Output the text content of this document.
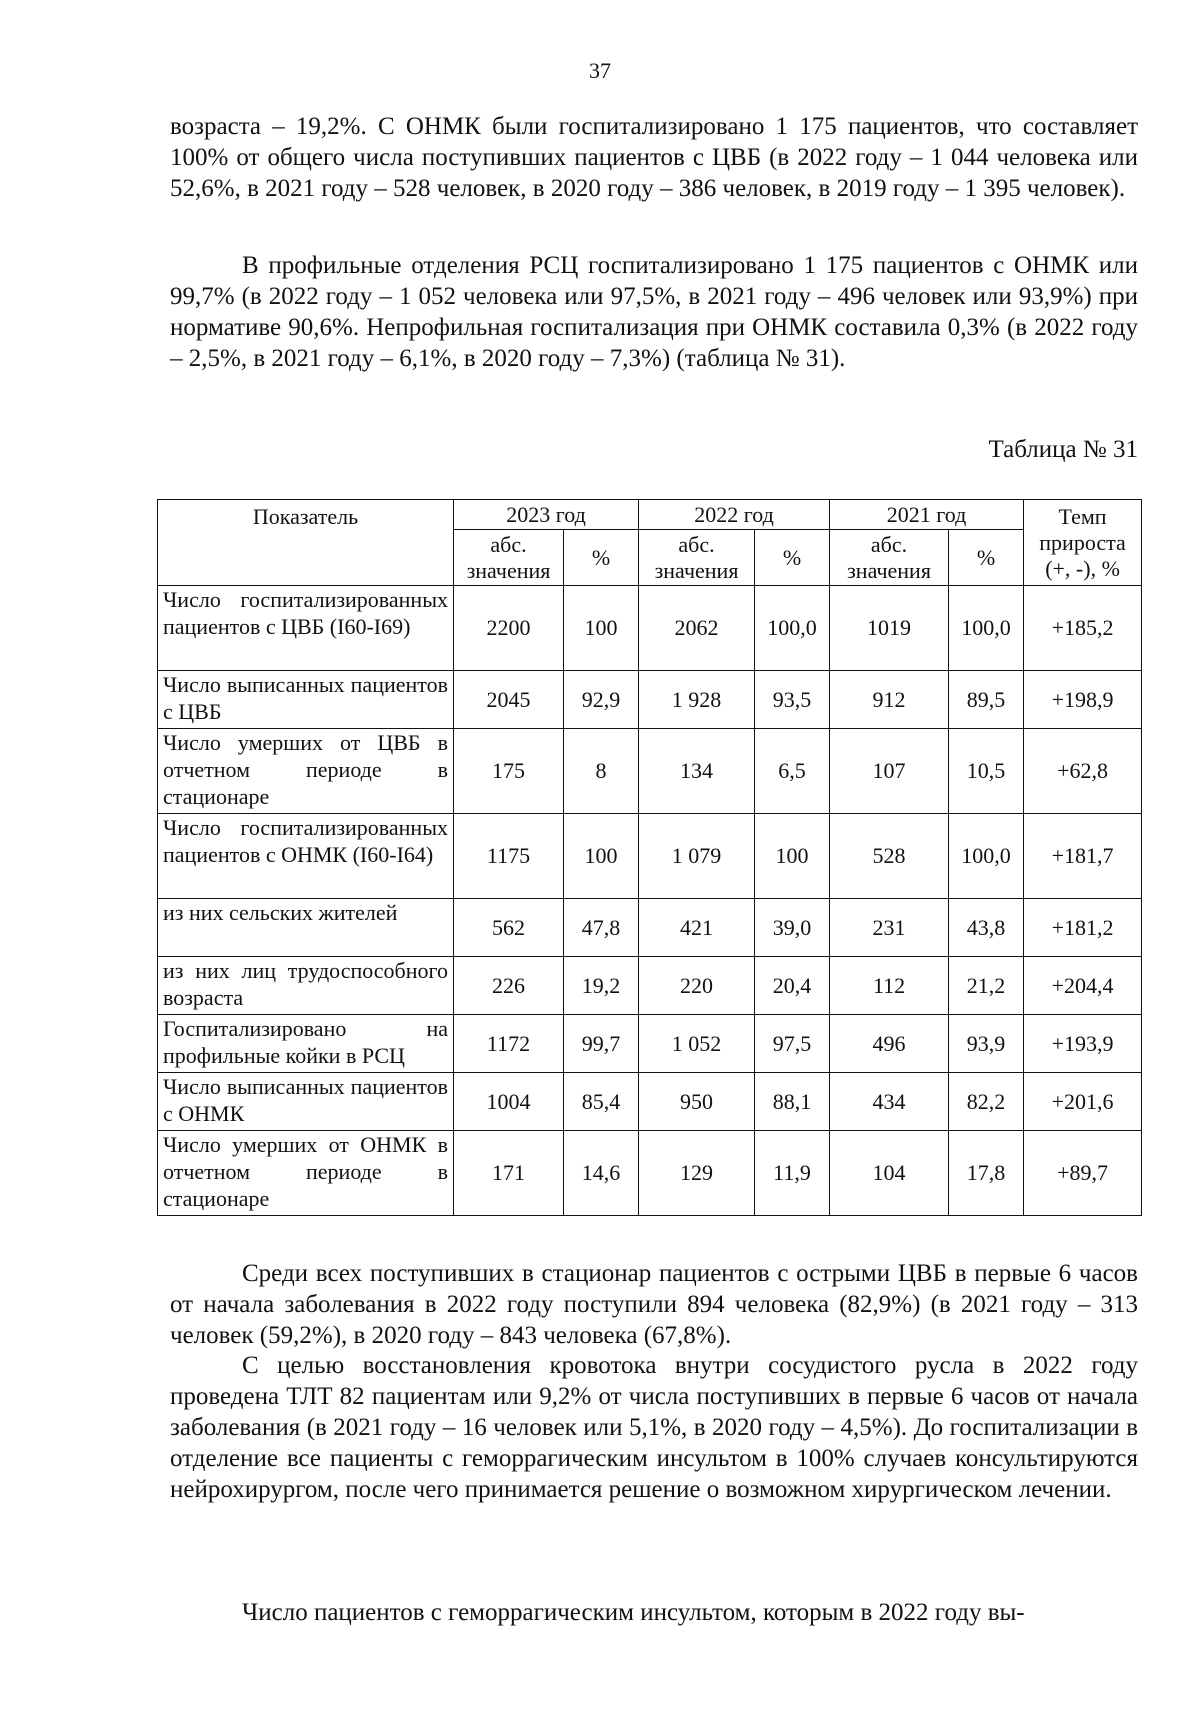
37

возраста – 19,2%. С ОНМК были госпитализировано 1 175 пациентов, что составляет 100% от общего числа поступивших пациентов с ЦВБ (в 2022 году – 1 044 человека или 52,6%, в 2021 году – 528 человек, в 2020 году – 386 человек, в 2019 году – 1 395 человек).

В профильные отделения РСЦ госпитализировано 1 175 пациентов с ОНМК или 99,7% (в 2022 году – 1 052 человека или 97,5%, в 2021 году – 496 человек или 93,9%) при нормативе 90,6%. Непрофильная госпитализация при ОНМК составила 0,3% (в 2022 году – 2,5%, в 2021 году – 6,1%, в 2020 году – 7,3%) (таблица № 31).

Таблица № 31
Показатель	2023 год		2022 год		2021 год		Темп прироста (+, -), %
	абс. значения	%	абс. значения	%	абс. значения	%	
Число госпитализированных пациентов с ЦВБ (I60-I69)	2200	100	2062	100,0	1019	100,0	+185,2
Число выписанных пациентов с ЦВБ	2045	92,9	1 928	93,5	912	89,5	+198,9
Число умерших от ЦВБ в отчетном периоде в стационаре	175	8	134	6,5	107	10,5	+62,8
Число госпитализированных пациентов с ОНМК (I60-I64)	1175	100	1 079	100	528	100,0	+181,7
из них сельских жителей	562	47,8	421	39,0	231	43,8	+181,2
из них лиц трудоспособного возраста	226	19,2	220	20,4	112	21,2	+204,4
Госпитализировано на профильные койки в РСЦ	1172	99,7	1 052	97,5	496	93,9	+193,9
Число выписанных пациентов с ОНМК	1004	85,4	950	88,1	434	82,2	+201,6
Число умерших от ОНМК в отчетном периоде в стационаре	171	14,6	129	11,9	104	17,8	+89,7

Среди всех поступивших в стационар пациентов с острыми ЦВБ в первые 6 часов от начала заболевания в 2022 году поступили 894 человека (82,9%) (в 2021 году – 313 человек (59,2%), в 2020 году – 843 человека (67,8%).

С целью восстановления кровотока внутри сосудистого русла в 2022 году проведена ТЛТ 82 пациентам или 9,2% от числа поступивших в первые 6 часов от начала заболевания (в 2021 году – 16 человек или 5,1%, в 2020 году – 4,5%). До госпитализации в отделение все пациенты с геморрагическим инсультом в 100% случаев консультируются нейрохирургом, после чего принимается решение о возможном хирургическом лечении.

Число пациентов с геморрагическим инсультом, которым в 2022 году вы-
